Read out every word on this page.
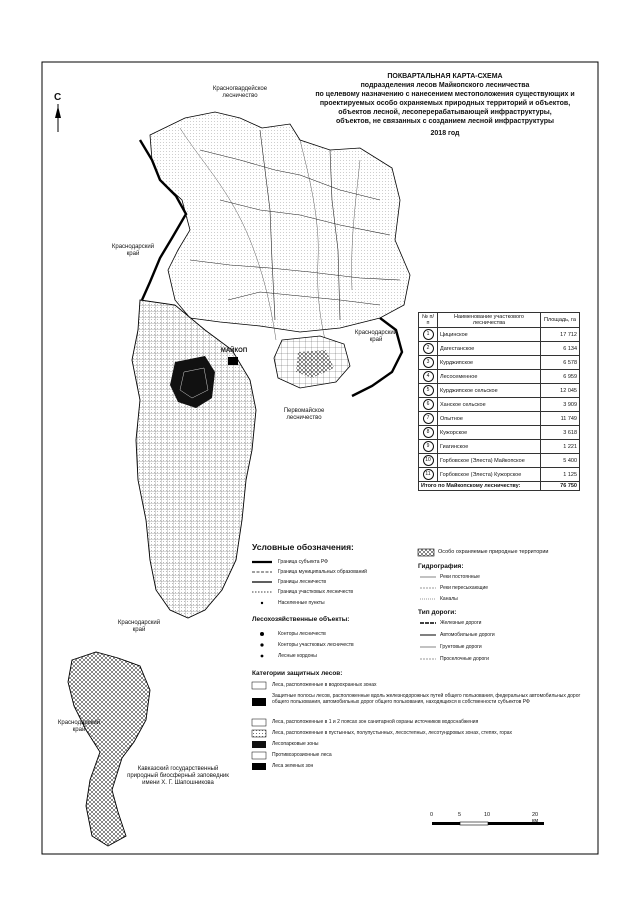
С
ПОКВАРТАЛЬНАЯ КАРТА-СХЕМА
подразделения лесов Майкопского лесничества
по целевому назначению с нанесением местоположения существующих и
проектируемых особо охраняемых природных территорий и объектов,
объектов лесной, лесоперерабатывающей инфраструктуры,
объектов, не связанных с созданием лесной инфраструктуры
2018 год
Красногвардейское лесничество
Краснодарский край
Краснодарский край
Краснодарский край
Краснодарский край
МАЙКОП
Первомайское лесничество
Кавказский государственный природный биосферный заповедник имени Х. Г. Шапошникова
№ п/п	Наименование участкового лесничества	Площадь, га
1	Цицинское	17 712
2	Дагестанское	6 134
3	Курджипское	6 578
4	Лесосеменное	6 959
5	Курджипское сельское	12 045
6	Ханское сельское	3 909
7	Опытное	11 749
8	Кужорское	3 618
9	Гиагинское	1 221
10	Горбовское (Элеста) Майкопское	5 400
11	Горбовское (Элеста) Кужорское	1 125
Итого по Майкопскому лесничеству:		76 750
Условные обозначения:
Граница субъекта РФ
Граница муниципальных образований
Границы лесничеств
Граница участковых лесничеств
Населенные пункты
Лесохозяйственные объекты:
Конторы лесничеств
Конторы участковых лесничеств
Лесные кордоны
Особо охраняемые природные территории
Гидрография:
Реки постоянные
Реки пересыхающие
Каналы
Тип дороги:
Железные дороги
Автомобильные дороги
Грунтовые дороги
Проселочные дороги
Категории защитных лесов:
Леса, расположенные в водоохранных зонах
Защитные полосы лесов, расположенные вдоль железнодорожных путей общего пользования, федеральных автомобильных дорог общего пользования, автомобильных дорог общего пользования, находящихся в собственности субъектов РФ
Леса, расположенные в 1 и 2 поясах зон санитарной охраны источников водоснабжения
Леса, расположенные в пустынных, полупустынных, лесостепных, лесотундровых зонах, степях, горах
Лесопарковые зоны
Противоэрозионные леса
Леса зеленых зон
0	5	10	20 км
